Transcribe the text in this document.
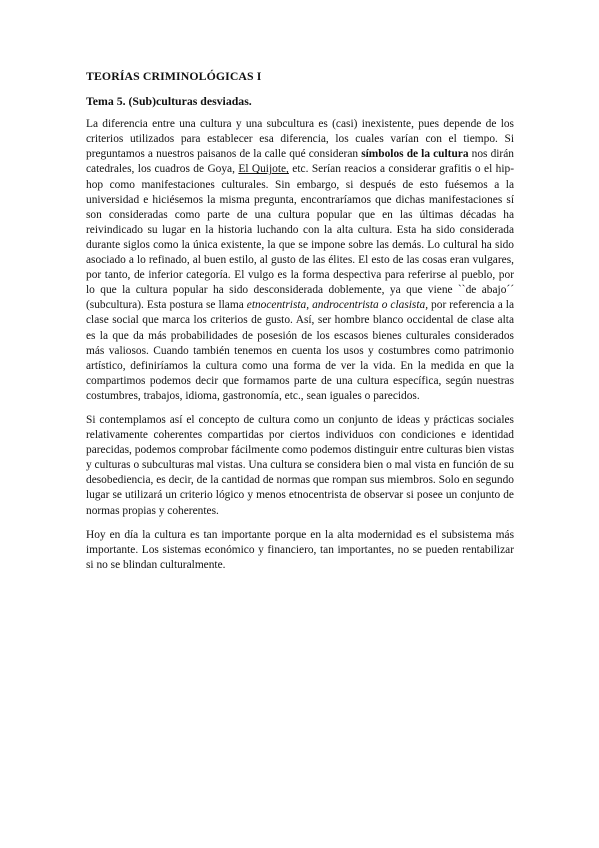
TEORÍAS CRIMINOLÓGICAS I
Tema 5. (Sub)culturas desviadas.

La diferencia entre una cultura y una subcultura es (casi) inexistente, pues depende de los criterios utilizados para establecer esa diferencia, los cuales varían con el tiempo. Si preguntamos a nuestros paisanos de la calle qué consideran símbolos de la cultura nos dirán catedrales, los cuadros de Goya, El Quijote, etc. Serían reacios a considerar grafitis o el hip-hop como manifestaciones culturales. Sin embargo, si después de esto fuésemos a la universidad e hiciésemos la misma pregunta, encontraríamos que dichas manifestaciones sí son consideradas como parte de una cultura popular que en las últimas décadas ha reivindicado su lugar en la historia luchando con la alta cultura. Esta ha sido considerada durante siglos como la única existente, la que se impone sobre las demás. Lo cultural ha sido asociado a lo refinado, al buen estilo, al gusto de las élites. El esto de las cosas eran vulgares, por tanto, de inferior categoría. El vulgo es la forma despectiva para referirse al pueblo, por lo que la cultura popular ha sido desconsiderada doblemente, ya que viene ``de abajo´´ (subcultura). Esta postura se llama etnocentrista, androcentrista o clasista, por referencia a la clase social que marca los criterios de gusto. Así, ser hombre blanco occidental de clase alta es la que da más probabilidades de posesión de los escasos bienes culturales considerados más valiosos. Cuando también tenemos en cuenta los usos y costumbres como patrimonio artístico, definiríamos la cultura como una forma de ver la vida. En la medida en que la compartimos podemos decir que formamos parte de una cultura específica, según nuestras costumbres, trabajos, idioma, gastronomía, etc., sean iguales o parecidos.

Si contemplamos así el concepto de cultura como un conjunto de ideas y prácticas sociales relativamente coherentes compartidas por ciertos individuos con condiciones e identidad parecidas, podemos comprobar fácilmente como podemos distinguir entre culturas bien vistas y culturas o subculturas mal vistas. Una cultura se considera bien o mal vista en función de su desobediencia, es decir, de la cantidad de normas que rompan sus miembros. Solo en segundo lugar se utilizará un criterio lógico y menos etnocentrista de observar si posee un conjunto de normas propias y coherentes.

Hoy en día la cultura es tan importante porque en la alta modernidad es el subsistema más importante. Los sistemas económico y financiero, tan importantes, no se pueden rentabilizar si no se blindan culturalmente.
